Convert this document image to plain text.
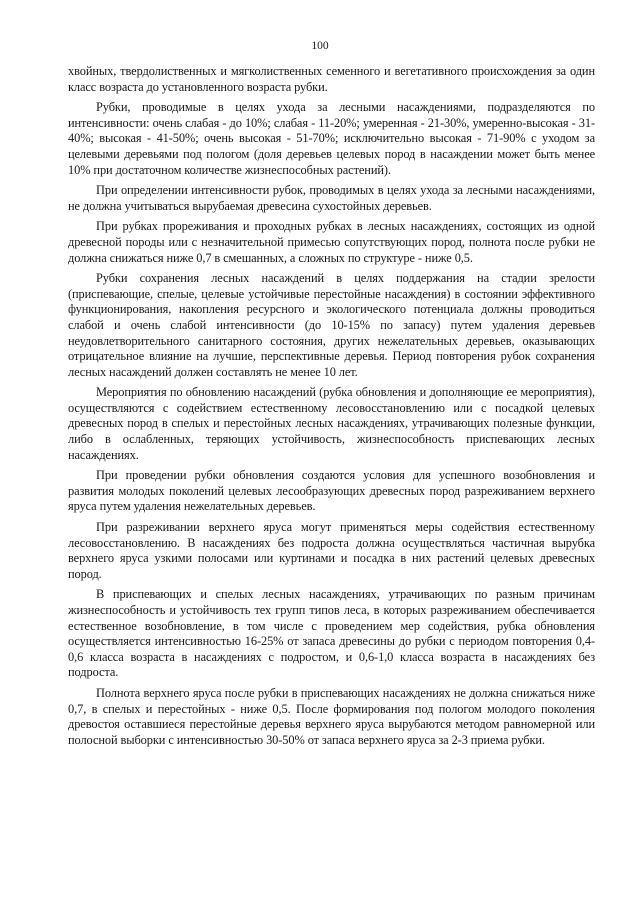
100

хвойных, твердолиственных и мягколиственных семенного и вегетативного происхождения за один класс возраста до установленного возраста рубки.

Рубки, проводимые в целях ухода за лесными насаждениями, подразделяются по интенсивности: очень слабая - до 10%; слабая - 11-20%; умеренная - 21-30%, умеренно-высокая - 31-40%; высокая - 41-50%; очень высокая - 51-70%; исключительно высокая - 71-90% с уходом за целевыми деревьями под пологом (доля деревьев целевых пород в насаждении может быть менее 10% при достаточном количестве жизнеспособных растений).

При определении интенсивности рубок, проводимых в целях ухода за лесными насаждениями, не должна учитываться вырубаемая древесина сухостойных деревьев.

При рубках прореживания и проходных рубках в лесных насаждениях, состоящих из одной древесной породы или с незначительной примесью сопутствующих пород, полнота после рубки не должна снижаться ниже 0,7 в смешанных, а сложных по структуре - ниже 0,5.

Рубки сохранения лесных насаждений в целях поддержания на стадии зрелости (приспевающие, спелые, целевые устойчивые перестойные насаждения) в состоянии эффективного функционирования, накопления ресурсного и экологического потенциала должны проводиться слабой и очень слабой интенсивности (до 10-15% по запасу) путем удаления деревьев неудовлетворительного санитарного состояния, других нежелательных деревьев, оказывающих отрицательное влияние на лучшие, перспективные деревья. Период повторения рубок сохранения лесных насаждений должен составлять не менее 10 лет.

Мероприятия по обновлению насаждений (рубка обновления и дополняющие ее мероприятия), осуществляются с содействием естественному лесовосстановлению или с посадкой целевых древесных пород в спелых и перестойных лесных насаждениях, утрачивающих полезные функции, либо в ослабленных, теряющих устойчивость, жизнеспособность приспевающих лесных насаждениях.

При проведении рубки обновления создаются условия для успешного возобновления и развития молодых поколений целевых лесообразующих древесных пород разреживанием верхнего яруса путем удаления нежелательных деревьев.

При разреживании верхнего яруса могут применяться меры содействия естественному лесовосстановлению. В насаждениях без подроста должна осуществляться частичная вырубка верхнего яруса узкими полосами или куртинами и посадка в них растений целевых древесных пород.

В приспевающих и спелых лесных насаждениях, утрачивающих по разным причинам жизнеспособность и устойчивость тех групп типов леса, в которых разреживанием обеспечивается естественное возобновление, в том числе с проведением мер содействия, рубка обновления осуществляется интенсивностью 16-25% от запаса древесины до рубки с периодом повторения 0,4-0,6 класса возраста в насаждениях с подростом, и 0,6-1,0 класса возраста в насаждениях без подроста.

Полнота верхнего яруса после рубки в приспевающих насаждениях не должна снижаться ниже 0,7, в спелых и перестойных - ниже 0,5. После формирования под пологом молодого поколения древостоя оставшиеся перестойные деревья верхнего яруса вырубаются методом равномерной или полосной выборки с интенсивностью 30-50% от запаса верхнего яруса за 2-3 приема рубки.
